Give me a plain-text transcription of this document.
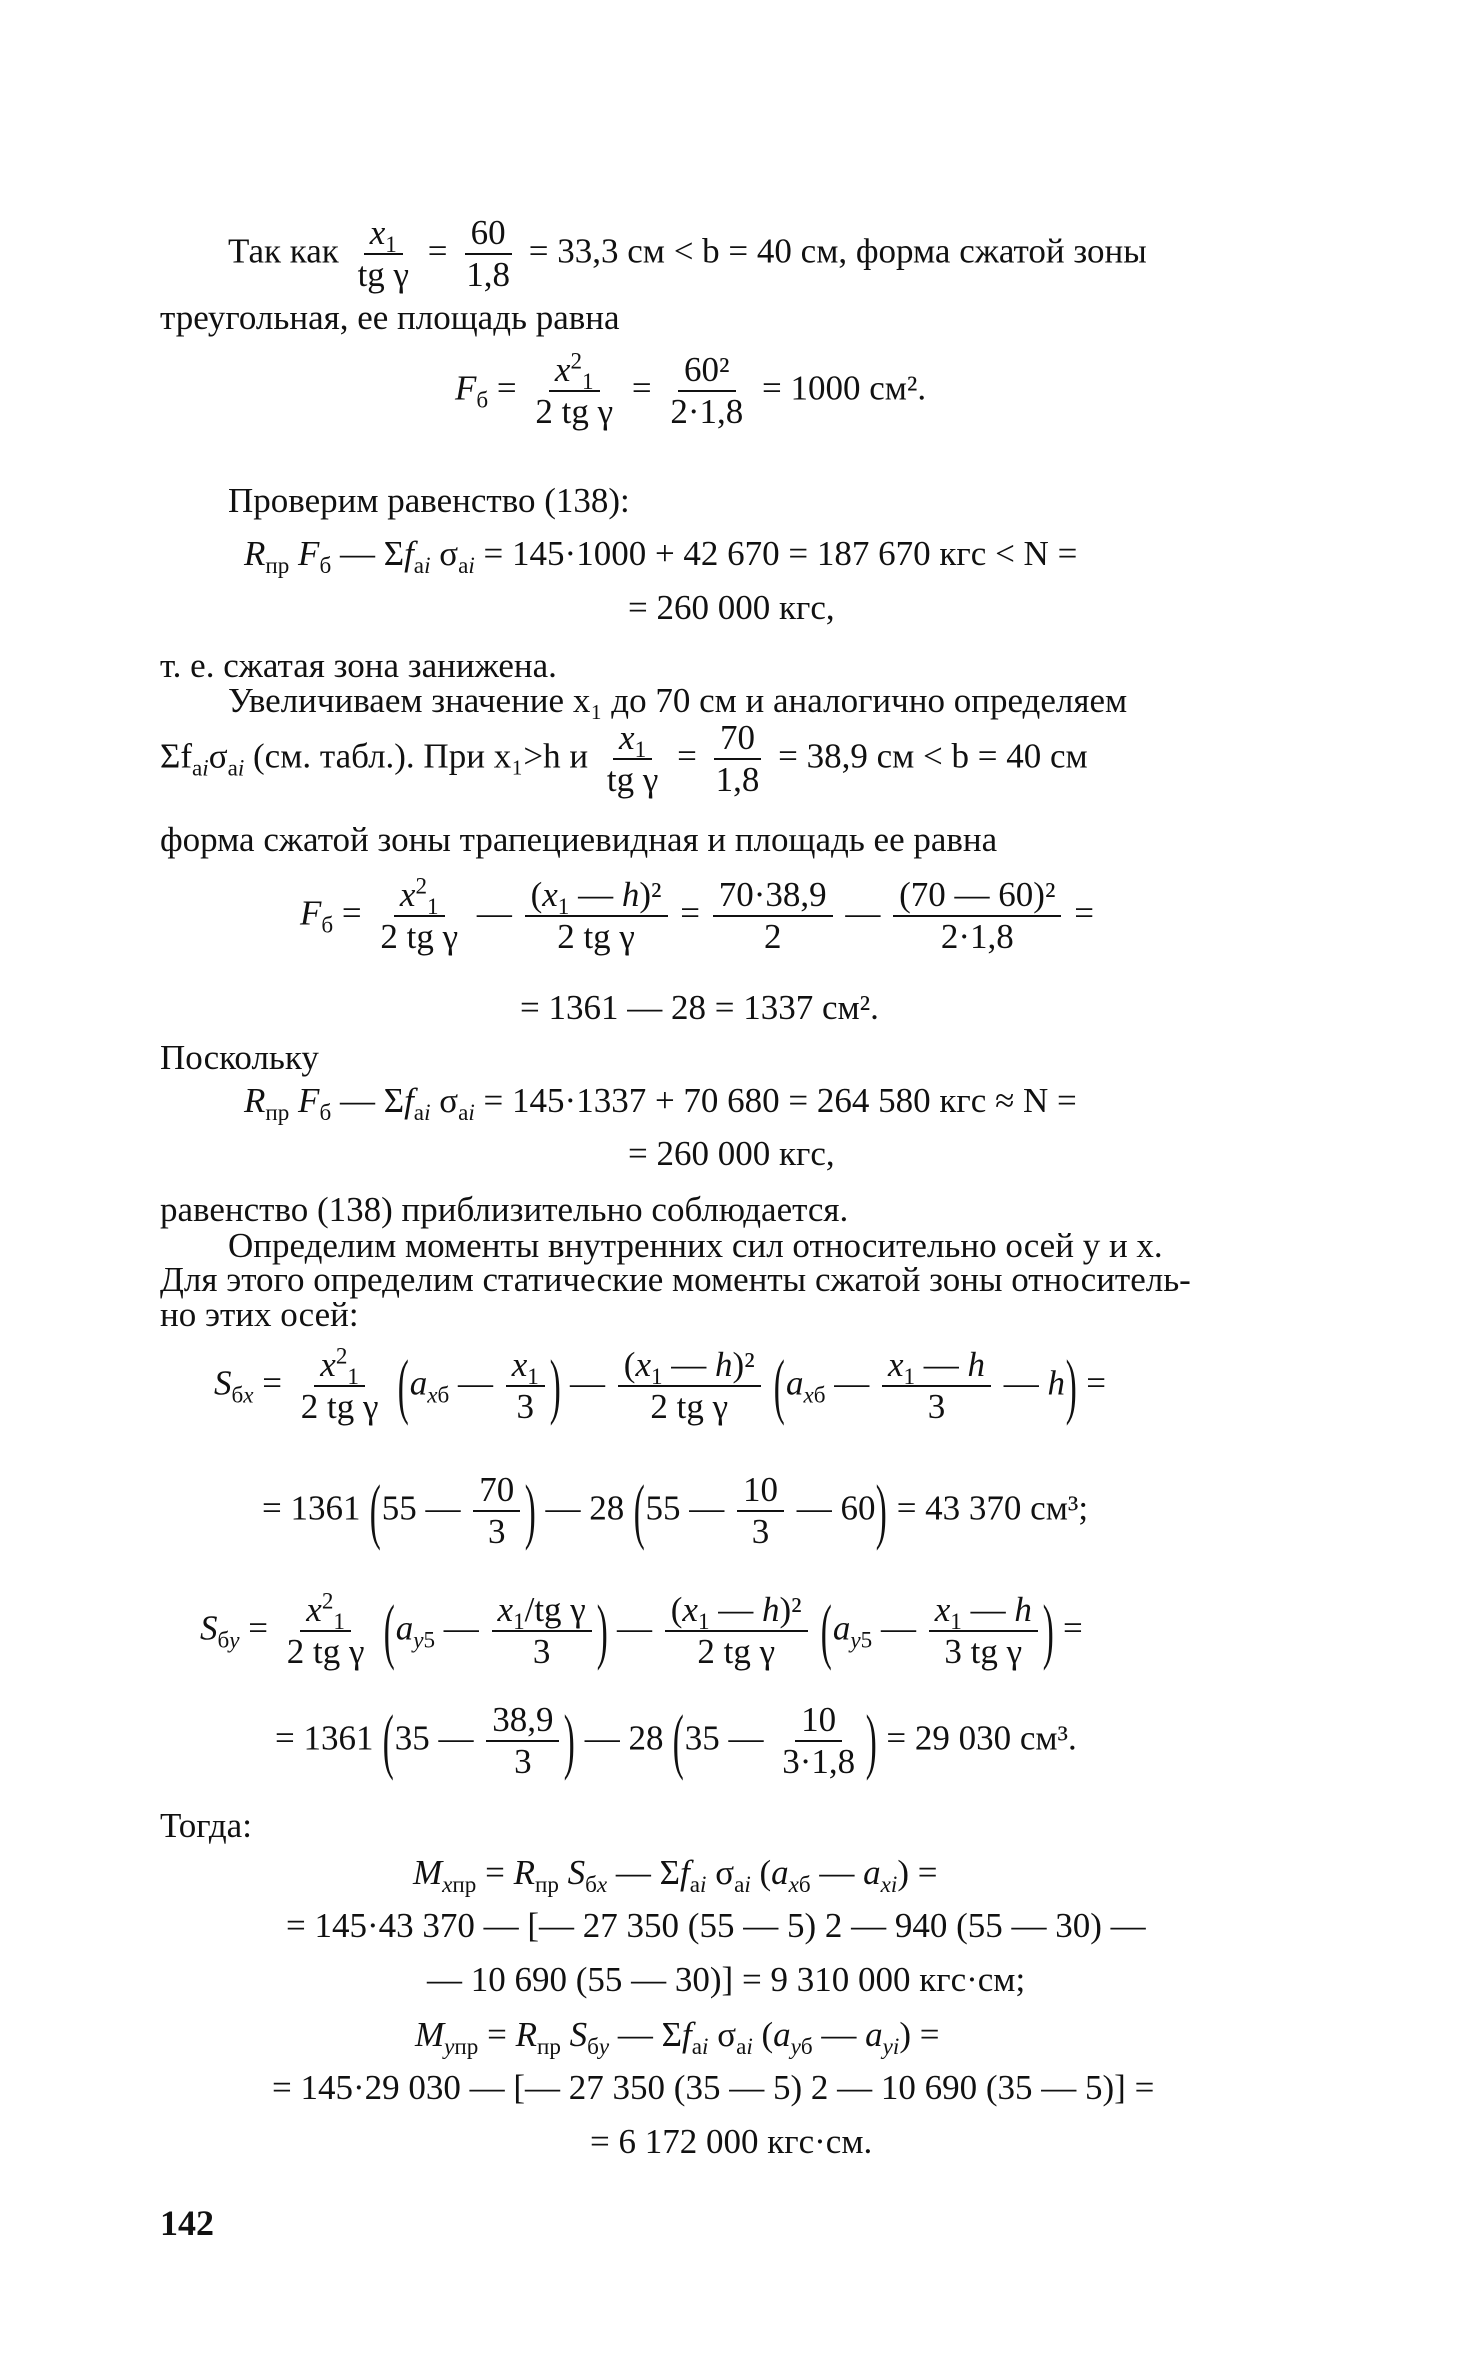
Так как $\frac{x_1}{\text{tg γ}} = \frac{60}{1,8} = 33,3$ см < b = 40 см, форма сжатой зоны
треугольная, ее площадь равна
$F_б = \frac{x^2_1}{\text{2 tg γ}} = \frac{\text{60²}}{2\cdot 1,8} = 1000$ см².
Проверим равенство (138):
$R_{пр}$ $F_б$ — $\Sigma f_{ai}$ $\sigma_{ai} = 145\cdot 1000 + 42$ 670 = 187 670 кгс < N =
= 260 000 кгс,
т. е. сжатая зона занижена.
Увеличиваем значение x₁ до 70 см и аналогично определяем
$\Sigma f_{ai}\sigma_{ai}$ (см. табл.). При x₁>h и $\frac{x_1}{\text{tg γ}} = \frac{70}{1,8} = 38,9$ см < b = 40 см
форма сжатой зоны трапециевидная и площадь ее равна
$F_б = \frac{x^2_1}{\text{2 tg γ}}$ — $\frac{(x_1 — h)^2}{\text{2 tg γ}} = \frac{70\cdot 38,9}{2}$ — $\frac{\text{(70 — 60)²}}{2\cdot 1,8}$ =
= 1361 — 28 = 1337 см².
Поскольку
$R_{пр}$ $F_б$ — $\Sigma f_{ai}$ $\sigma_{ai} = 145\cdot 1337 + 70$ 680 = 264 580 кгс ≈ N =
= 260 000 кгс,
равенство (138) приблизительно соблюдается.
Определим моменты внутренних сил относительно осей y и x.
Для этого определим статические моменты сжатой зоны относитель-
но этих осей:
$S_{бx} = \frac{x^2_1}{\text{2 tg γ}} (a_{xб}$ — $\frac{x_1}{3}$ ) — $\frac{(x_1 — h)^2}{\text{2 tg γ}} (a_{xб}$ — $\frac{x_1 — h}{3}$ — h) =
= 1361 (55 — $\frac{70}{3}$ ) — 28 (55 — $\frac{10}{3}$ — 60) = 43 370 см³;
$S_{бy} = \frac{x^2_1}{\text{2 tg γ}} (a_{y5}$ — $\frac{x_1/tg \gamma}{3}$ ) — $\frac{(x_1 — h)^2}{\text{2 tg γ}} (a_{y5}$ — $\frac{x_1 — h}{\text{3 tg γ}}$ ) =
= 1361 (35 — $\frac{38,9}{3}$ ) — 28 (35 — $\frac{10}{3\cdot 1,8}$ ) = 29 030 см³.
Тогда:
$M_{xпр} = R_{пр}$ $S_{бx}$ — $\Sigma f_{ai}$ $\sigma_{ai}$ ($a_{xб}$ — $a_{xi}$) =
= 145·43 370 — [— 27 350 (55 — 5) 2 — 940 (55 — 30) —
— 10 690 (55 — 30)] = 9 310 000 кгс·см;
$M_{yпр} = R_{пр}$ $S_{бy}$ — $\Sigma f_{ai}$ $\sigma_{ai}$ ($a_{yб}$ — $a_{yi}$) =
= 145·29 030 — [— 27 350 (35 — 5) 2 — 10 690 (35 — 5)] =
= 6 172 000 кгс·см.
142
